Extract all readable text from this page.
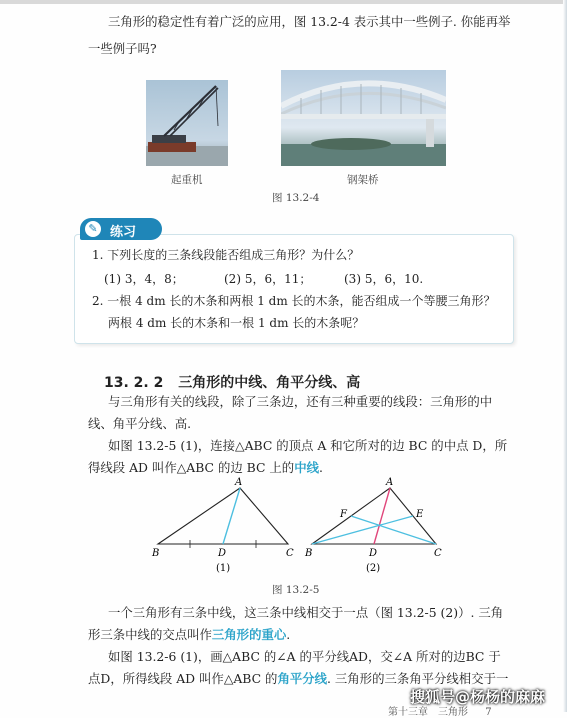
三角形的稳定性有着广泛的应用，图 13.2-4 表示其中一些例子. 你能再举
一些例子吗?
起重机	钢架桥
图 13.2-4
✎ 练习
1. 下列长度的三条线段能否组成三角形？为什么？
(1) 3，4，8；	(2) 5，6，11；	(3) 5，6，10.
2. 一根 4 dm 长的木条和两根 1 dm 长的木条，能否组成一个等腰三角形？
两根 4 dm 长的木条和一根 1 dm 长的木条呢？
13. 2. 2 三角形的中线、角平分线、高
与三角形有关的线段，除了三条边，还有三种重要的线段：三角形的中
线、角平分线、高.
如图 13.2-5 (1)，连接△ABC 的顶点 A 和它所对的边 BC 的中点 D，所
得线段 AD 叫作△ABC 的边 BC 上的中线.
A
B	D	C
(1)
A
F	E
B	D	C
(2)
图 13.2-5
一个三角形有三条中线，这三条中线相交于一点（图 13.2-5 (2)）. 三角
形三条中线的交点叫作三角形的重心.
如图 13.2-6 (1)，画△ABC 的∠A 的平分线AD，交∠A 所对的边BC 于
点D，所得线段 AD 叫作△ABC 的角平分线. 三角形的三条角平分线相交于一
第十三章　三角形 7
搜狐号@杨杨的麻麻
